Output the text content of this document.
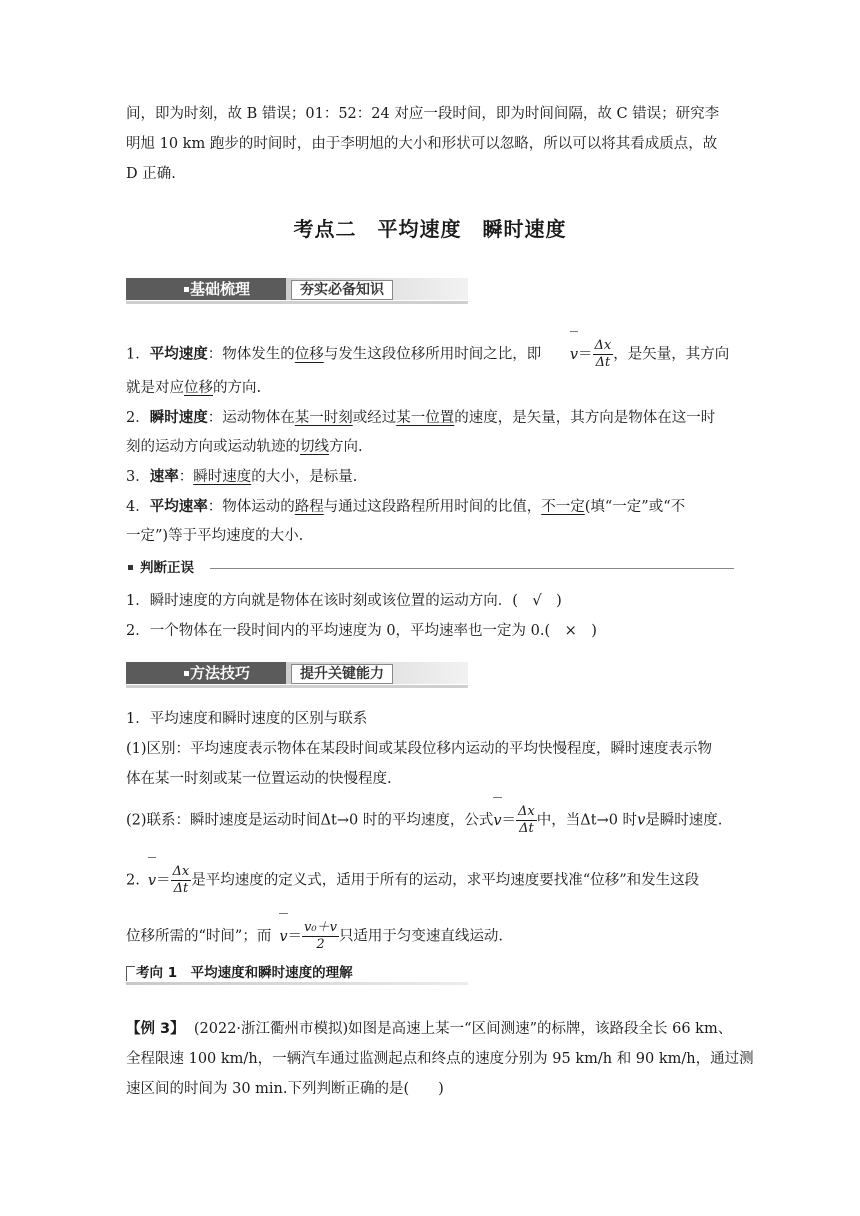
间，即为时刻，故 B 错误；01：52：24 对应一段时间，即为时间间隔，故 C 错误；研究李
明旭 10 km 跑步的时间时，由于李明旭的大小和形状可以忽略，所以可以将其看成质点，故
D 正确.
考点二　平均速度　瞬时速度
基础梳理	夯实必备知识
1．平均速度：物体发生的位移与发生这段位移所用时间之比，即 $v= \frac{\Delta x}{\Delta t}$ ，是矢量，其方向
就是对应位移的方向.
2．瞬时速度：运动物体在某一时刻或经过某一位置的速度，是矢量，其方向是物体在这一时
刻的运动方向或运动轨迹的切线方向.
3．速率：瞬时速度的大小，是标量.
4．平均速率：物体运动的路程与通过这段路程所用时间的比值，不一定(填“一定”或“不
一定”)等于平均速度的大小.
判断正误
1．瞬时速度的方向就是物体在该时刻或该位置的运动方向．(　√　)
2．一个物体在一段时间内的平均速度为 0，平均速率也一定为 0.(　×　)
方法技巧	提升关键能力
1．平均速度和瞬时速度的区别与联系
(1)区别：平均速度表示物体在某段时间或某段位移内运动的平均快慢程度，瞬时速度表示物
体在某一时刻或某一位置运动的快慢程度.
(2)联系：瞬时速度是运动时间Δt→0 时的平均速度，公式$v= \frac{\Delta x}{\Delta t}$ 中，当Δt→0 时v是瞬时速度.
2. $v= \frac{\Delta x}{\Delta t}$ 是平均速度的定义式，适用于所有的运动，求平均速度要找准“位移”和发生这段
位移所需的“时间”；而 $v= \frac{\text{v₀＋v}}{2}$ 只适用于匀变速直线运动.
考向 1　平均速度和瞬时速度的理解
【例 3】 (2022·浙江衢州市模拟)如图是高速上某一“区间测速”的标牌，该路段全长 66 km、
全程限速 100 km/h，一辆汽车通过监测起点和终点的速度分别为 95 km/h 和 90 km/h，通过测
速区间的时间为 30 min.下列判断正确的是(　　)
